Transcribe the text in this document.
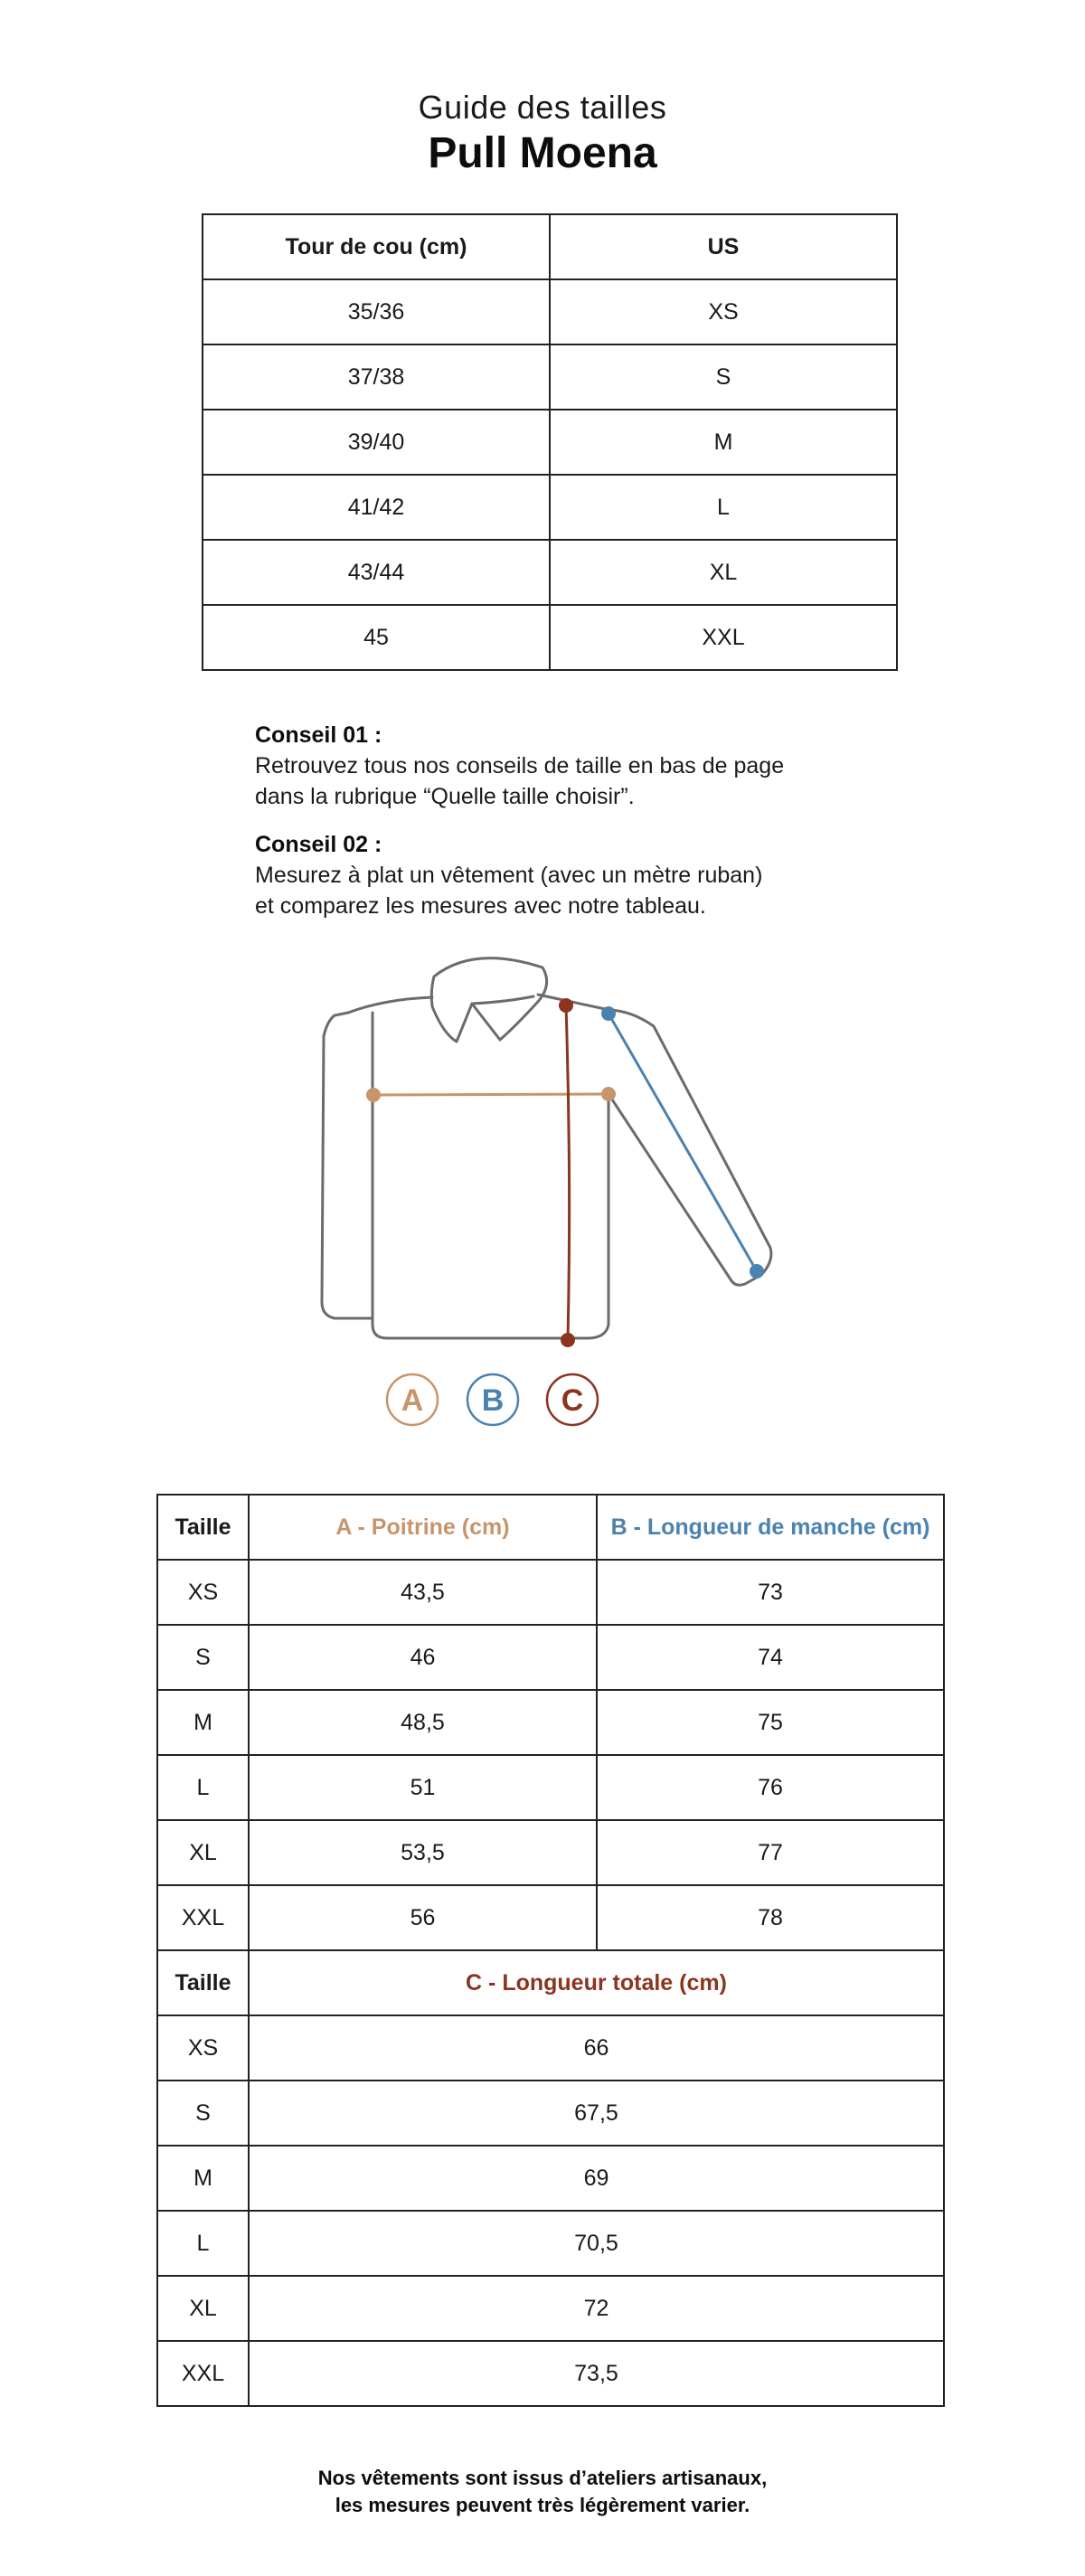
Guide des tailles
Pull Moena
Tour de cou (cm)	US
35/36	XS
37/38	S
39/40	M
41/42	L
43/44	XL
45	XXL
Conseil 01 :
Retrouvez tous nos conseils de taille en bas de page
dans la rubrique “Quelle taille choisir”.
Conseil 02 :
Mesurez à plat un vêtement (avec un mètre ruban)
et comparez les mesures avec notre tableau.
A B C
Taille	A - Poitrine (cm)	B - Longueur de manche (cm)
XS	43,5	73
S	46	74
M	48,5	75
L	51	76
XL	53,5	77
XXL	56	78
Taille	C - Longueur totale (cm)	
XS	66	
S	67,5	
M	69	
L	70,5	
XL	72	
XXL	73,5	
Nos vêtements sont issus d’ateliers artisanaux,
les mesures peuvent très légèrement varier.
